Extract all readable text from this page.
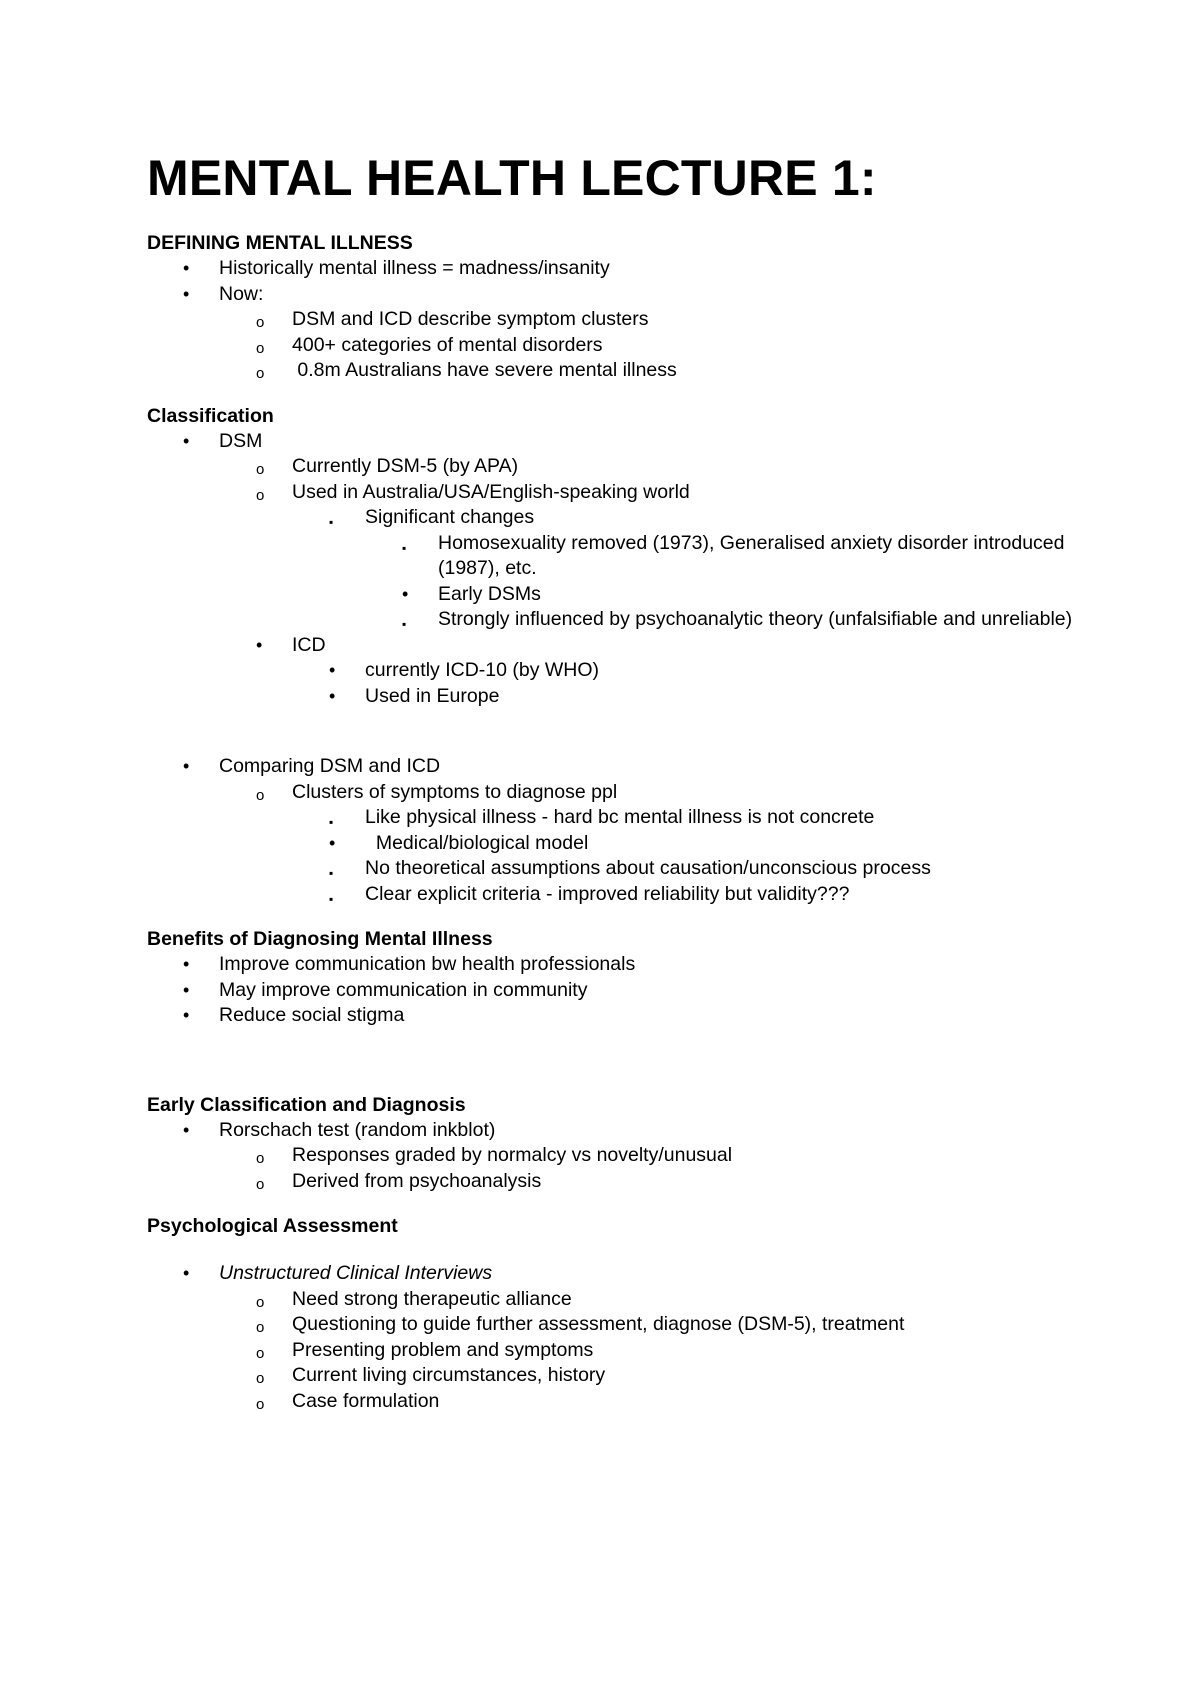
MENTAL HEALTH LECTURE 1:
DEFINING MENTAL ILLNESS
• Historically mental illness = madness/insanity
• Now:
o DSM and ICD describe symptom clusters
o 400+ categories of mental disorders
o 0.8m Australians have severe mental illness
Classification
• DSM
o Currently DSM-5 (by APA)
o Used in Australia/USA/English-speaking world
▪ Significant changes
▪ Homosexuality removed (1973), Generalised anxiety disorder introduced (1987), etc.
• Early DSMs
▪ Strongly influenced by psychoanalytic theory (unfalsifiable and unreliable)
• ICD
• currently ICD-10 (by WHO)
• Used in Europe
• Comparing DSM and ICD
o Clusters of symptoms to diagnose ppl
▪ Like physical illness - hard bc mental illness is not concrete
• Medical/biological model
▪ No theoretical assumptions about causation/unconscious process
▪ Clear explicit criteria - improved reliability but validity???
Benefits of Diagnosing Mental Illness
• Improve communication bw health professionals
• May improve communication in community
• Reduce social stigma
Early Classification and Diagnosis
• Rorschach test (random inkblot)
o Responses graded by normalcy vs novelty/unusual
o Derived from psychoanalysis
Psychological Assessment
• Unstructured Clinical Interviews
o Need strong therapeutic alliance
o Questioning to guide further assessment, diagnose (DSM-5), treatment
o Presenting problem and symptoms
o Current living circumstances, history
o Case formulation
